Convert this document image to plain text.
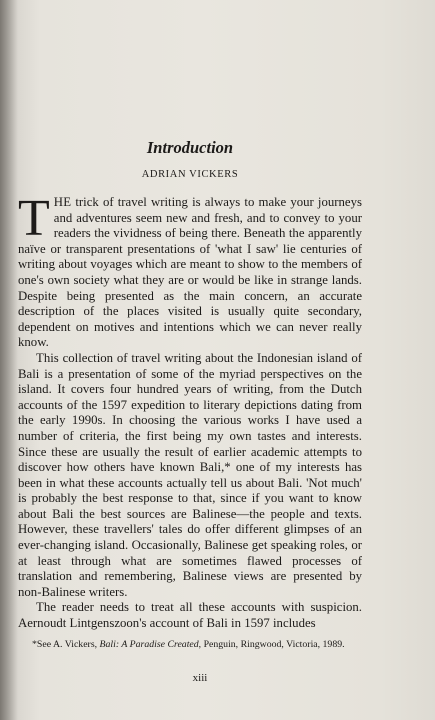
Introduction
ADRIAN VICKERS

THE trick of travel writing is always to make your journeys and adventures seem new and fresh, and to convey to your readers the vividness of being there. Beneath the apparently naïve or transparent presentations of 'what I saw' lie centuries of writing about voyages which are meant to show to the members of one's own society what they are or would be like in strange lands. Despite being presented as the main concern, an accurate description of the places visited is usually quite secondary, dependent on motives and intentions which we can never really know.

This collection of travel writing about the Indonesian island of Bali is a presentation of some of the myriad perspectives on the island. It covers four hundred years of writing, from the Dutch accounts of the 1597 expedition to literary depictions dating from the early 1990s. In choosing the various works I have used a number of criteria, the first being my own tastes and interests. Since these are usually the result of earlier academic attempts to discover how others have known Bali,* one of my interests has been in what these accounts actually tell us about Bali. 'Not much' is probably the best response to that, since if you want to know about Bali the best sources are Balinese—the people and texts. However, these travellers' tales do offer different glimpses of an ever-changing island. Occasionally, Balinese get speaking roles, or at least through what are sometimes flawed processes of translation and remembering, Balinese views are presented by non-Balinese writers.

The reader needs to treat all these accounts with suspicion. Aernoudt Lintgenszoon's account of Bali in 1597 includes

*See A. Vickers, Bali: A Paradise Created, Penguin, Ringwood, Victoria, 1989.
xiii
